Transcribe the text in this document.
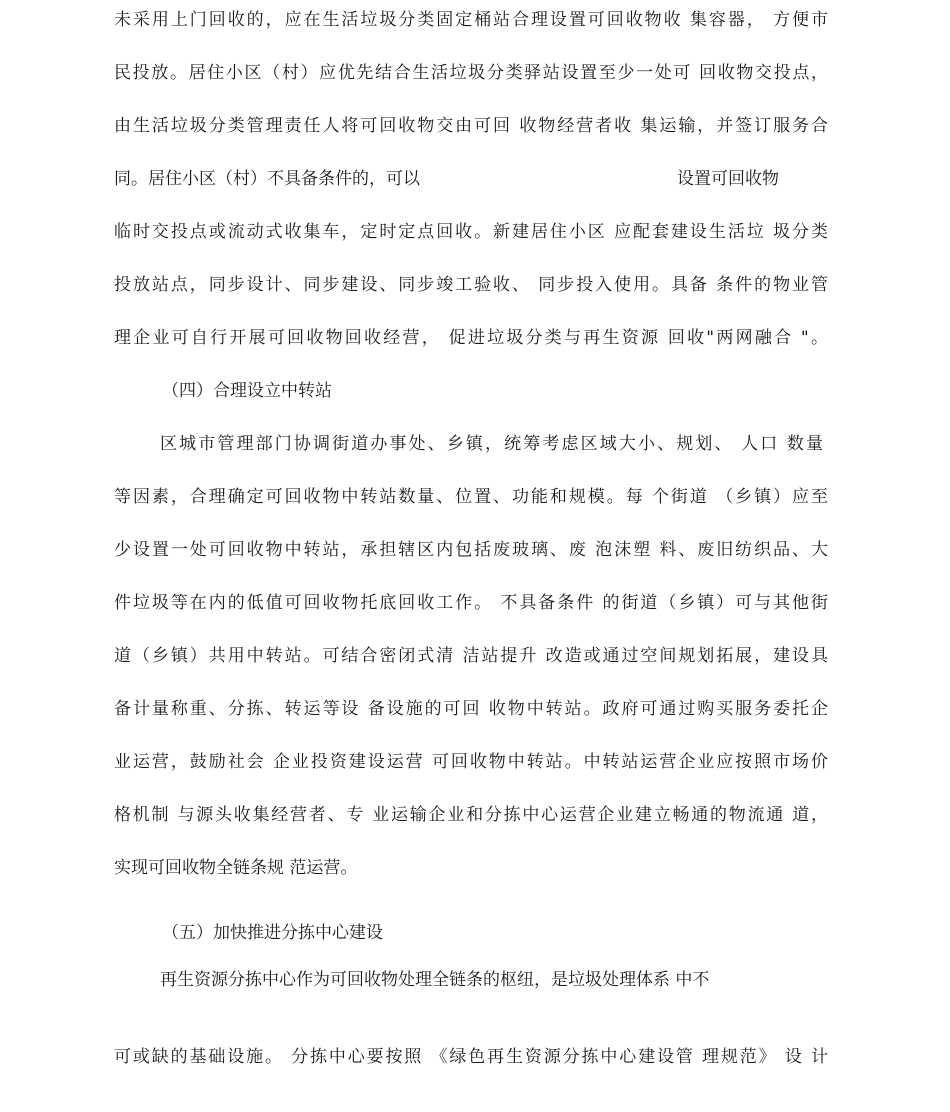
未采用上门回收的，应在生活垃圾分类固定桶站合理设置可回收物收 集容器， 方便市
民投放。居住小区（村）应优先结合生活垃圾分类驿站设置至少一处可 回收物交投点，
由生活垃圾分类管理责任人将可回收物交由可回 收物经营者收 集运输，并签订服务合
同。居住小区（村）不具备条件的，可以	设置可回收物
临时交投点或流动式收集车，定时定点回收。新建居住小区 应配套建设生活垃 圾分类
投放站点，同步设计、同步建设、同步竣工验收、 同步投入使用。具备 条件的物业管
理企业可自行开展可回收物回收经营， 促进垃圾分类与再生资源 回收"两网融合 "。
（四）合理设立中转站
区城市管理部门协调街道办事处、乡镇，统筹考虑区域大小、规划、 人口 数量
等因素，合理确定可回收物中转站数量、位置、功能和规模。每 个街道 （乡镇）应至
少设置一处可回收物中转站，承担辖区内包括废玻璃、废 泡沫塑 料、废旧纺织品、大
件垃圾等在内的低值可回收物托底回收工作。 不具备条件 的街道（乡镇）可与其他街
道（乡镇）共用中转站。可结合密闭式清 洁站提升 改造或通过空间规划拓展，建设具
备计量称重、分拣、转运等设 备设施的可回 收物中转站。政府可通过购买服务委托企
业运营，鼓励社会 企业投资建设运营 可回收物中转站。中转站运营企业应按照市场价
格机制 与源头收集经营者、专 业运输企业和分拣中心运营企业建立畅通的物流通 道，
实现可回收物全链条规 范运营。
（五）加快推进分拣中心建设
再生资源分拣中心作为可回收物处理全链条的枢纽，是垃圾处理体系 中不
可或缺的基础设施。 分拣中心要按照 《绿色再生资源分拣中心建设管 理规范》 设 计
